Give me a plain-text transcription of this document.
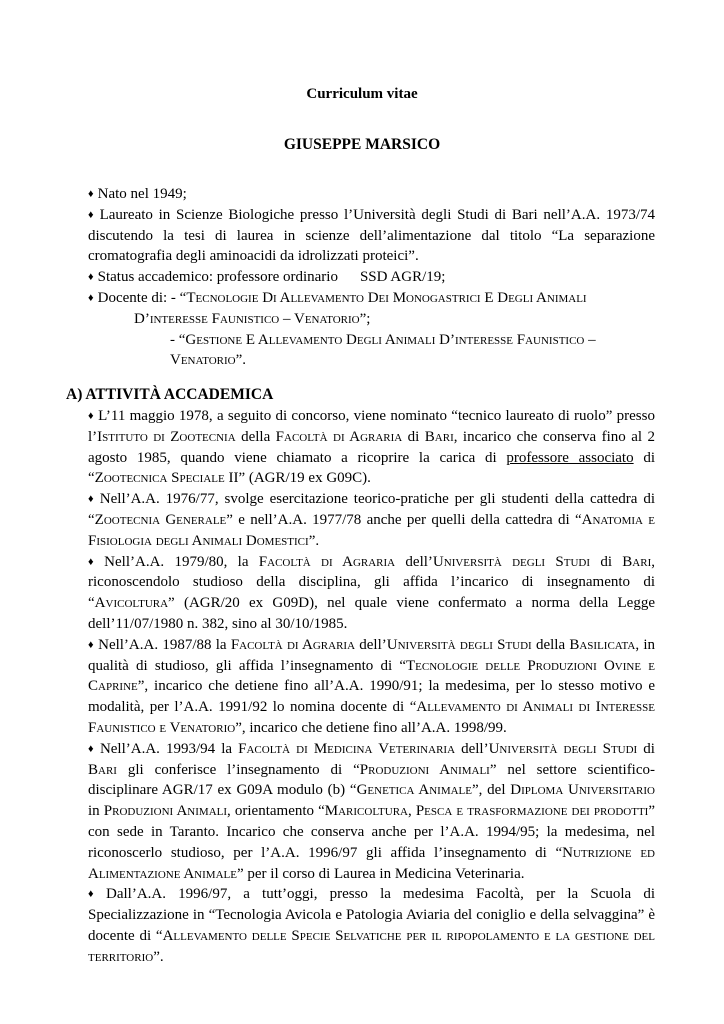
Curriculum vitae
GIUSEPPE MARSICO

♦ Nato nel 1949;

♦ Laureato in Scienze Biologiche presso l’Università degli Studi di Bari nell’A.A. 1973/74 discutendo la tesi di laurea in scienze dell’alimentazione dal titolo “La separazione cromatografia degli aminoacidi da idrolizzati proteici”.

♦ Status accademico: professore ordinario SSD AGR/19;

♦ Docente di: - “Tecnologie Di Allevamento Dei Monogastrici E Degli Animali

D’interesse Faunistico – Venatorio”;

- “Gestione E Allevamento Degli Animali D’interesse Faunistico –

Venatorio”.

A) ATTIVITÀ ACCADEMICA

♦ L’11 maggio 1978, a seguito di concorso, viene nominato “tecnico laureato di ruolo” presso l’Istituto di Zootecnia della Facoltà di Agraria di Bari, incarico che conserva fino al 2 agosto 1985, quando viene chiamato a ricoprire la carica di professore associato di “Zootecnica Speciale II” (AGR/19 ex G09C).

♦ Nell’A.A. 1976/77, svolge esercitazione teorico-pratiche per gli studenti della cattedra di “Zootecnia Generale” e nell’A.A. 1977/78 anche per quelli della cattedra di “Anatomia e Fisiologia degli Animali Domestici”.

♦ Nell’A.A. 1979/80, la Facoltà di Agraria dell’Università degli Studi di Bari, riconoscendolo studioso della disciplina, gli affida l’incarico di insegnamento di “Avicoltura” (AGR/20 ex G09D), nel quale viene confermato a norma della Legge dell’11/07/1980 n. 382, sino al 30/10/1985.

♦ Nell’A.A. 1987/88 la Facoltà di Agraria dell’Università degli Studi della Basilicata, in qualità di studioso, gli affida l’insegnamento di “Tecnologie delle Produzioni Ovine e Caprine”, incarico che detiene fino all’A.A. 1990/91; la medesima, per lo stesso motivo e modalità, per l’A.A. 1991/92 lo nomina docente di “Allevamento di Animali di Interesse Faunistico e Venatorio”, incarico che detiene fino all’A.A. 1998/99.

♦ Nell’A.A. 1993/94 la Facoltà di Medicina Veterinaria dell’Università degli Studi di Bari gli conferisce l’insegnamento di “Produzioni Animali” nel settore scientifico-disciplinare AGR/17 ex G09A modulo (b) “Genetica Animale”, del Diploma Universitario in Produzioni Animali, orientamento “Maricoltura, Pesca e trasformazione dei prodotti” con sede in Taranto. Incarico che conserva anche per l’A.A. 1994/95; la medesima, nel riconoscerlo studioso, per l’A.A. 1996/97 gli affida l’insegnamento di “Nutrizione ed Alimentazione Animale” per il corso di Laurea in Medicina Veterinaria.

♦ Dall’A.A. 1996/97, a tutt’oggi, presso la medesima Facoltà, per la Scuola di Specializzazione in “Tecnologia Avicola e Patologia Aviaria del coniglio e della selvaggina” è docente di “Allevamento delle Specie Selvatiche per il ripopolamento e la gestione del territorio”.
